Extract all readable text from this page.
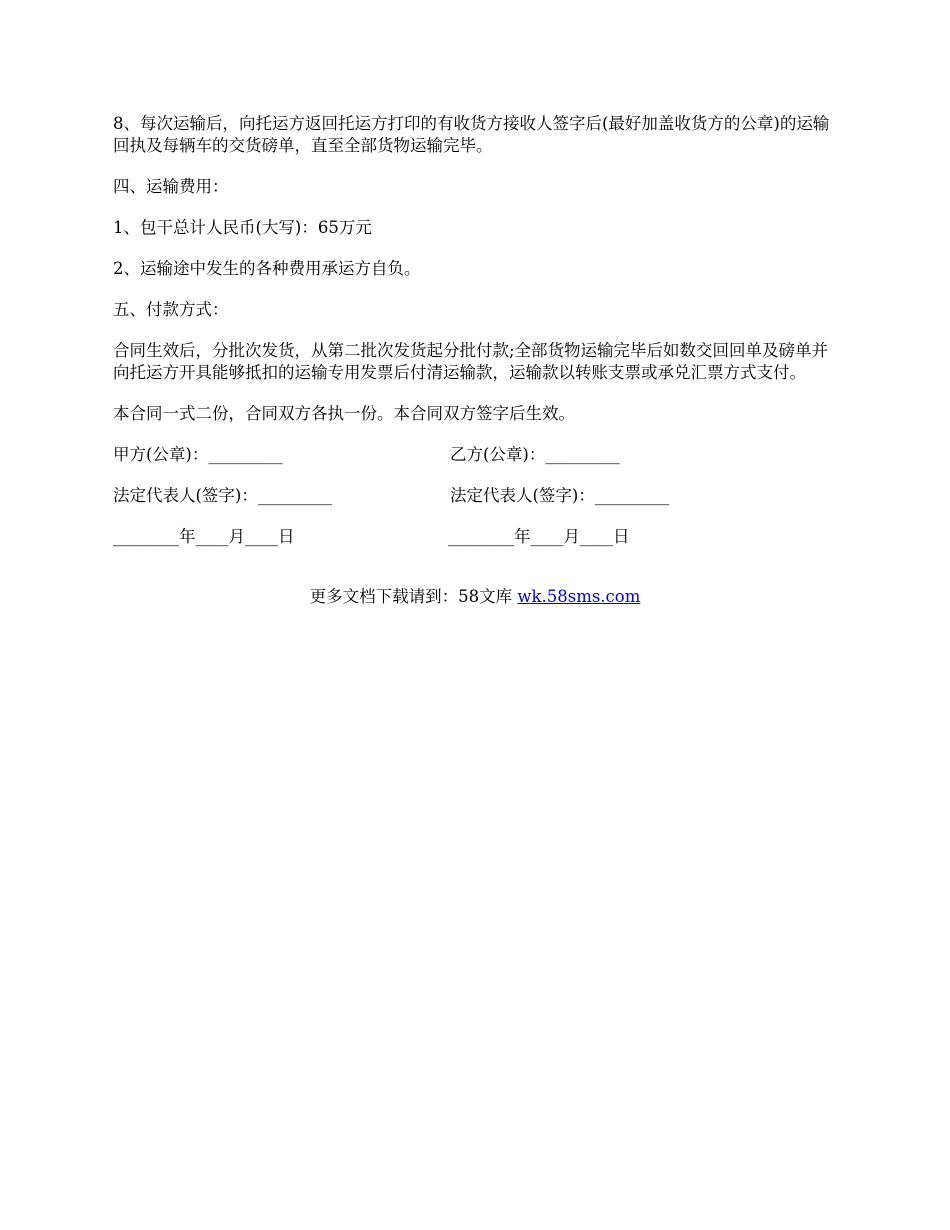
8、每次运输后，向托运方返回托运方打印的有收货方接收人签字后(最好加盖收货方的公章)的运输回执及每辆车的交货磅单，直至全部货物运输完毕。

四、运输费用：

1、包干总计人民币(大写)：65万元

2、运输途中发生的各种费用承运方自负。

五、付款方式：

合同生效后，分批次发货，从第二批次发货起分批付款;全部货物运输完毕后如数交回回单及磅单并向托运方开具能够抵扣的运输专用发票后付清运输款，运输款以转账支票或承兑汇票方式支付。

本合同一式二份，合同双方各执一份。本合同双方签字后生效。

甲方(公章)：_________	乙方(公章)：_________
法定代表人(签字)：_________	法定代表人(签字)：_________
________年____月____日	________年____月____日
更多文档下载请到：58文库 wk.58sms.com
